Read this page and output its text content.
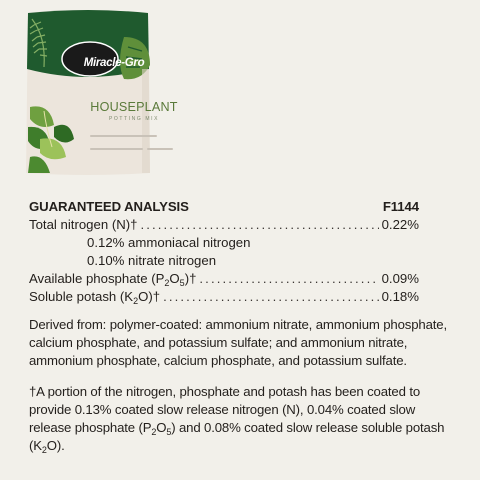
Miracle-Gro
HOUSEPLANT
POTTING MIX
GUARANTEED ANALYSIS	F1144
Total nitrogen (N)† .....	0.22%
0.12% ammoniacal nitrogen
0.10% nitrate nitrogen
Available phosphate $(P_2O_5)\dagger$ .....	0.09%
Soluble potash $(K_2O)\dagger$ .....	0.18%

Derived from: polymer-coated: ammonium nitrate, ammonium phosphate, calcium phosphate, and potassium sulfate; and ammonium nitrate, ammonium phosphate, calcium phosphate, and potassium sulfate.

†A portion of the nitrogen, phosphate and potash has been coated to provide 0.13% coated slow release nitrogen (N), 0.04% coated slow release phosphate $(P_2O_5)$ and 0.08% coated slow release soluble potash $(K_2O)$.
